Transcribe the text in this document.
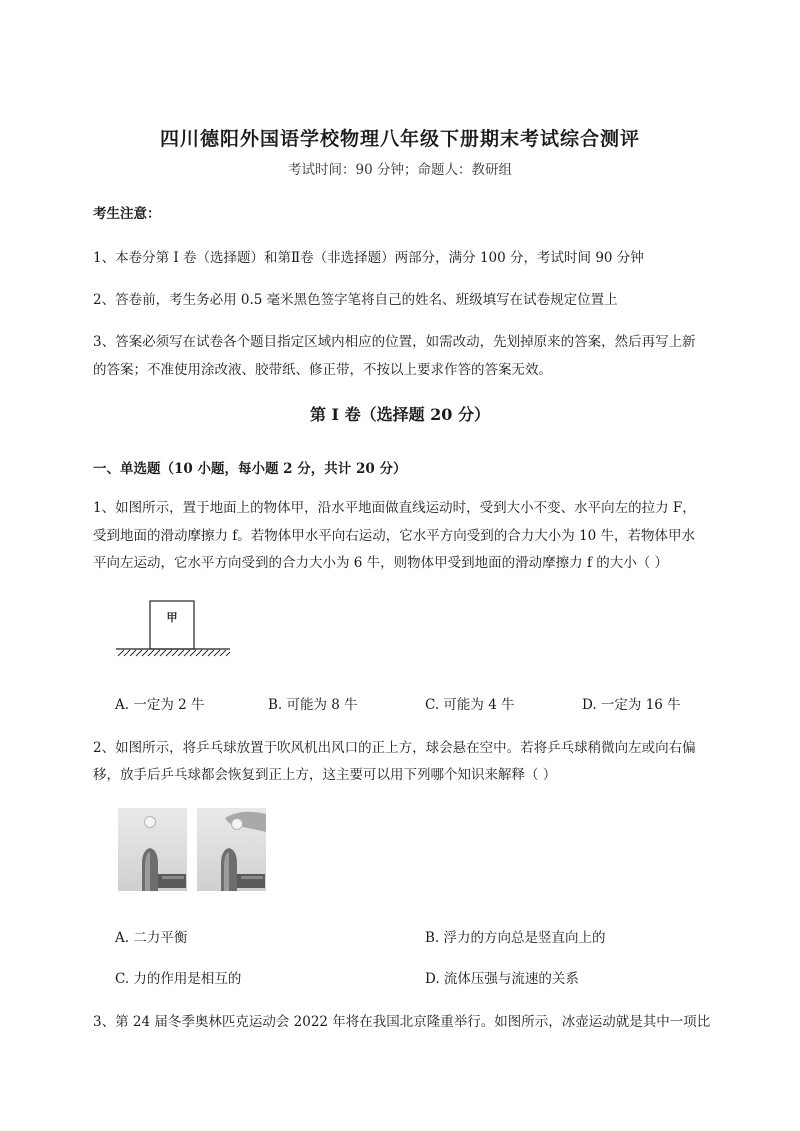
四川德阳外国语学校物理八年级下册期末考试综合测评
考试时间：90 分钟；命题人：教研组
考生注意：
1、本卷分第 I 卷（选择题）和第Ⅱ卷（非选择题）两部分，满分 100 分，考试时间 90 分钟
2、答卷前，考生务必用 0.5 毫米黑色签字笔将自己的姓名、班级填写在试卷规定位置上
3、答案必须写在试卷各个题目指定区域内相应的位置，如需改动，先划掉原来的答案，然后再写上新
的答案；不准使用涂改液、胶带纸、修正带，不按以上要求作答的答案无效。
第 I 卷（选择题 20 分）
一、单选题（10 小题，每小题 2 分，共计 20 分）
1、如图所示，置于地面上的物体甲，沿水平地面做直线运动时，受到大小不变、水平向左的拉力 F，
受到地面的滑动摩擦力 f。若物体甲水平向右运动，它水平方向受到的合力大小为 10 牛，若物体甲水
平向左运动，它水平方向受到的合力大小为 6 牛，则物体甲受到地面的滑动摩擦力 f 的大小（ ）
甲
A. 一定为 2 牛	B. 可能为 8 牛	C. 可能为 4 牛	D. 一定为 16 牛
2、如图所示，将乒乓球放置于吹风机出风口的正上方，球会悬在空中。若将乒乓球稍微向左或向右偏
移，放手后乒乓球都会恢复到正上方，这主要可以用下列哪个知识来解释（ ）
A. 二力平衡	B. 浮力的方向总是竖直向上的
C. 力的作用是相互的	D. 流体压强与流速的关系
3、第 24 届冬季奥林匹克运动会 2022 年将在我国北京隆重举行。如图所示，冰壶运动就是其中一项比
